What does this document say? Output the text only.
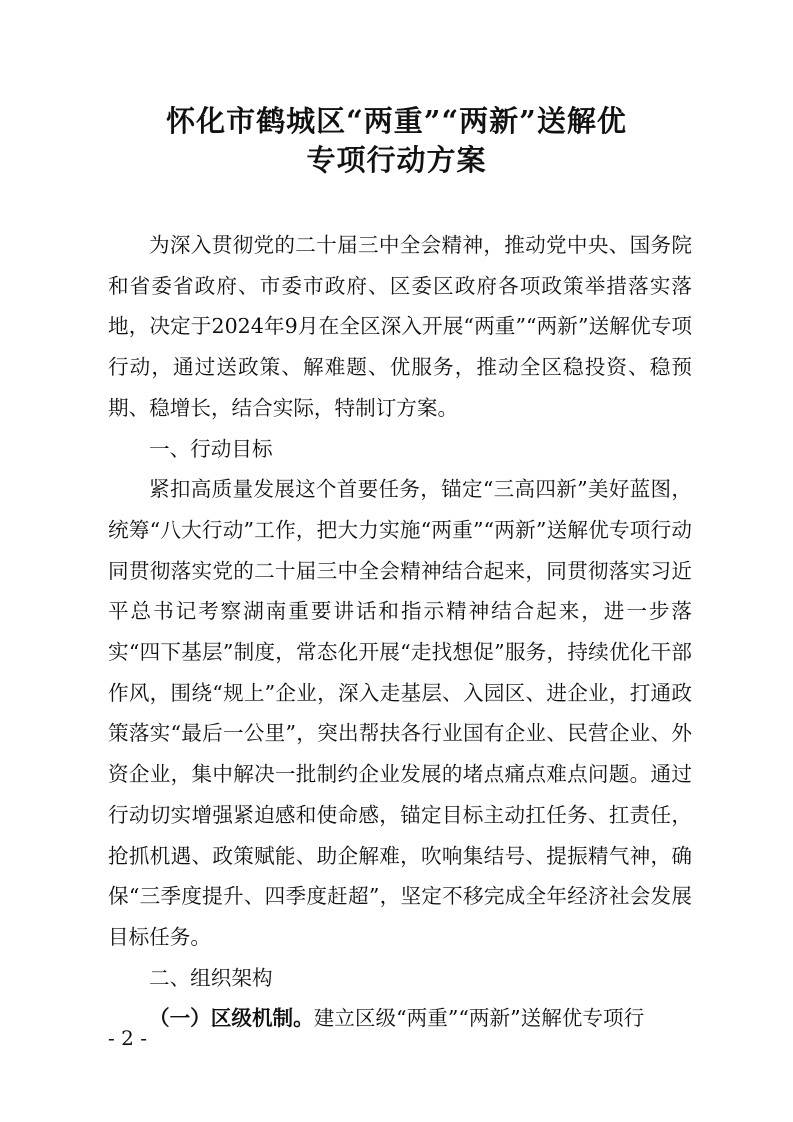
怀化市鹤城区“两重”“两新”送解优
专项行动方案

为深入贯彻党的二十届三中全会精神，推动党中央、国务院和省委省政府、市委市政府、区委区政府各项政策举措落实落地，决定于2024年9月在全区深入开展“两重”“两新”送解优专项行动，通过送政策、解难题、优服务，推动全区稳投资、稳预期、稳增长，结合实际，特制订方案。

一、行动目标

紧扣高质量发展这个首要任务，锚定“三高四新”美好蓝图，统筹“八大行动”工作，把大力实施“两重”“两新”送解优专项行动同贯彻落实党的二十届三中全会精神结合起来，同贯彻落实习近平总书记考察湖南重要讲话和指示精神结合起来，进一步落实“四下基层”制度，常态化开展“走找想促”服务，持续优化干部作风，围绕“规上”企业，深入走基层、入园区、进企业，打通政策落实“最后一公里”，突出帮扶各行业国有企业、民营企业、外资企业，集中解决一批制约企业发展的堵点痛点难点问题。通过行动切实增强紧迫感和使命感，锚定目标主动扛任务、扛责任，抢抓机遇、政策赋能、助企解难，吹响集结号、提振精气神，确保“三季度提升、四季度赶超”，坚定不移完成全年经济社会发展目标任务。

二、组织架构

（一）区级机制。建立区级“两重”“两新”送解优专项行

- 2 -
